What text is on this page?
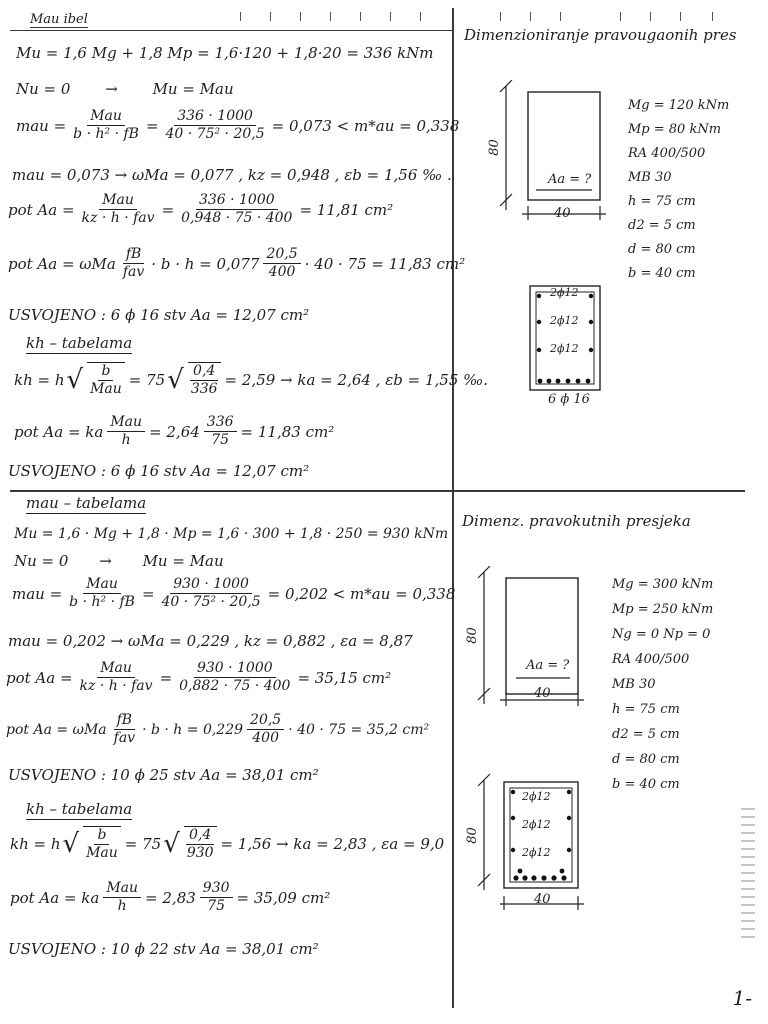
Mau ibel
Dimenzioniranje pravougaonih pres
Mu = 1,6 Mg + 1,8 Mp = 1,6·120 + 1,8·20 = 336 kNm
Nu = 0 → Mu = Mau
mau = $\frac{\text{Mau}}{\text{b · h² · fB}} = \frac{336 \cdot 1000}{\text{40 · 75² · 20,5}} = 0,073 < m*au = 0,338$
mau = 0,073 → ωMa = 0,077 , kz = 0,948 , εb = 1,56 ‰ .
pot $Aa = \frac{\text{Mau}}{\text{kz · h · fav}} = \frac{336 \cdot 1000}{0,948 \cdot 75 \cdot 400} = 11,81$ cm²
pot Aa = ωMa $\frac{fB}{\text{fav}} \cdot b \cdot h = 0,077 \frac{20,5}{400} \cdot 40 \cdot 75 = 11,83$ cm²
USVOJENO : 6 ϕ 16 stv Aa = 12,07 cm²
kh – tabelama
kh = h √ $\frac{b}{\text{Mau}} = 75$ √ $\frac{0,4}{336} = 2,59$ → ka = 2,64 , εb = 1,55 ‰.
pot Aa = ka $\frac{\text{Mau}}{h} = 2,64 \frac{336}{75} = 11,83$ cm²
USVOJENO : 6 ϕ 16 stv Aa = 12,07 cm²
80
40
Aa = ?
2ϕ12
2ϕ12
2ϕ12
6 ϕ 16
Mg = 120 kNm
Mp = 80 kNm
RA 400/500
MB 30
h = 75 cm
d2 = 5 cm
d = 80 cm
b = 40 cm
mau – tabelama
Dimenz. pravokutnih presjeka
Mu = 1,6 · Mg + 1,8 · Mp = 1,6 · 300 + 1,8 · 250 = 930 kNm
Nu = 0 → Mu = Mau
mau = $\frac{\text{Mau}}{\text{b · h² · fB}} = \frac{930 \cdot 1000}{\text{40 · 75² · 20,5}} = 0,202 < m*au = 0,338$
mau = 0,202 → ωMa = 0,229 , kz = 0,882 , εa = 8,87
pot $Aa = \frac{\text{Mau}}{\text{kz · h · fav}} = \frac{930 \cdot 1000}{0,882 \cdot 75 \cdot 400} = 35,15$ cm²
pot Aa = ωMa $\frac{fB}{\text{fav}} \cdot b \cdot h = 0,229 \frac{20,5}{400} \cdot 40 \cdot 75 = 35,2$ cm²
USVOJENO : 10 ϕ 25 stv Aa = 38,01 cm²
kh – tabelama
kh = h √ $\frac{b}{\text{Mau}} = 75$ √ $\frac{0,4}{930} = 1,56$ → ka = 2,83 , εa = 9,0
pot Aa = ka $\frac{\text{Mau}}{h} = 2,83 \frac{930}{75} = 35,09$ cm²
USVOJENO : 10 ϕ 22 stv Aa = 38,01 cm²
80
40
Aa = ?
2ϕ12
2ϕ12
2ϕ12
80
40
Mg = 300 kNm
Mp = 250 kNm
Ng = 0 Np = 0
RA 400/500
MB 30
h = 75 cm
d2 = 5 cm
d = 80 cm
b = 40 cm
1-
